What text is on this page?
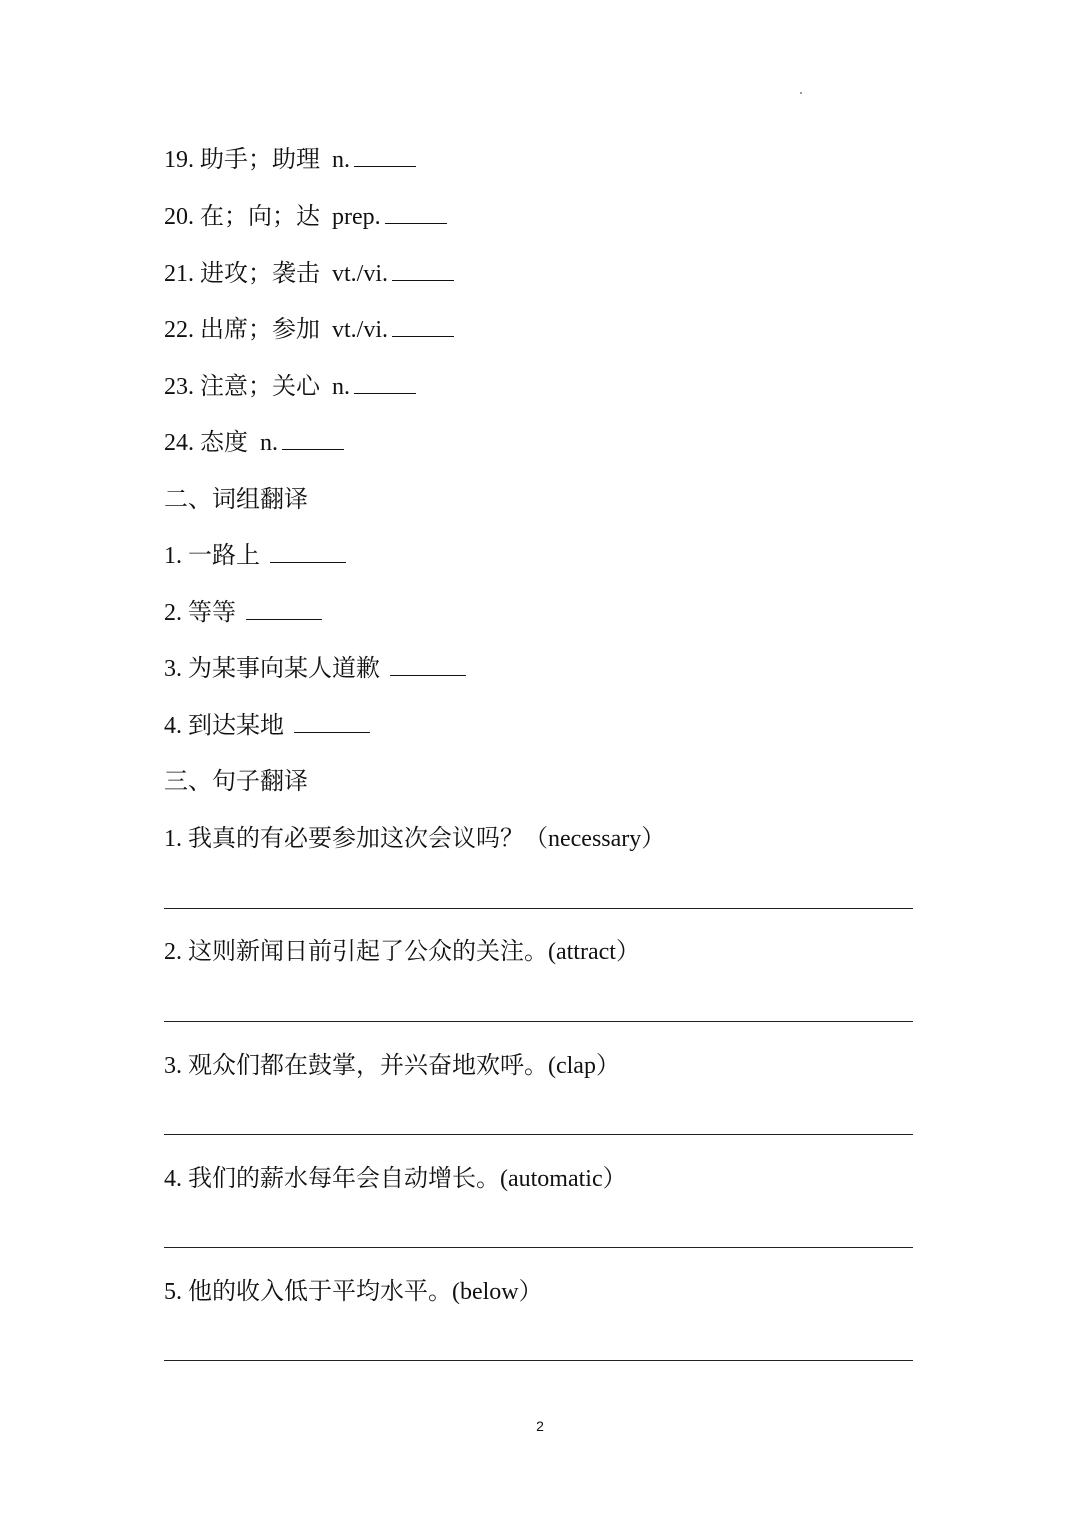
19. 助手；助理 n.
20. 在；向；达 prep.
21. 进攻；袭击 vt./vi.
22. 出席；参加 vt./vi.
23. 注意；关心 n.
24. 态度 n.
二、词组翻译
1. 一路上
2. 等等
3. 为某事向某人道歉
4. 到达某地
三、句子翻译
1. 我真的有必要参加这次会议吗？（necessary）
2. 这则新闻日前引起了公众的关注。(attract）
3. 观众们都在鼓掌，并兴奋地欢呼。(clap）
4. 我们的薪水每年会自动增长。(automatic）
5. 他的收入低于平均水平。(below）
2
